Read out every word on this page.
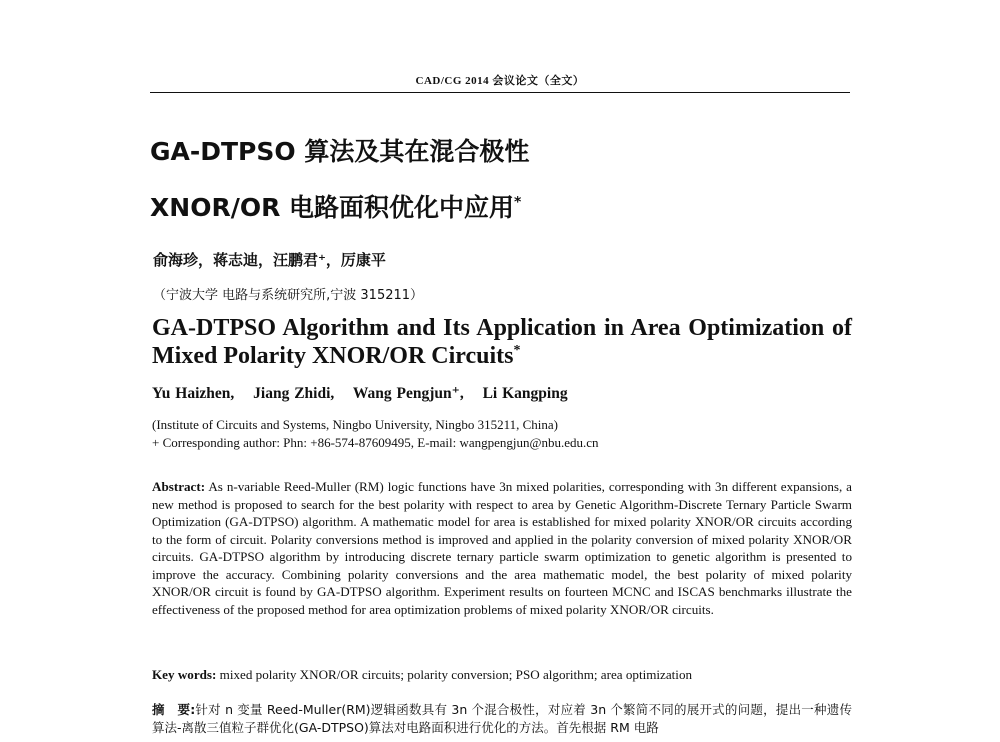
CAD/CG 2014 会议论文（全文）
GA-DTPSO 算法及其在混合极性
XNOR/OR 电路面积优化中应用*
俞海珍，蒋志迪，汪鹏君⁺，厉康平
（宁波大学 电路与系统研究所,宁波 315211）
GA-DTPSO Algorithm and Its Application in Area Optimization of
Mixed Polarity XNOR/OR Circuits*
Yu Haizhen, Jiang Zhidi, Wang Pengjun⁺, Li Kangping
(Institute of Circuits and Systems, Ningbo University, Ningbo 315211, China)
+ Corresponding author: Phn: +86-574-87609495, E-mail: wangpengjun@nbu.edu.cn
Abstract: As n-variable Reed-Muller (RM) logic functions have 3n mixed polarities, corresponding with 3n different expansions, a new method is proposed to search for the best polarity with respect to area by Genetic Algorithm-Discrete Ternary Particle Swarm Optimization (GA-DTPSO) algorithm. A mathematic model for area is established for mixed polarity XNOR/OR circuits according to the form of circuit. Polarity conversions method is improved and applied in the polarity conversion of mixed polarity XNOR/OR circuits. GA-DTPSO algorithm by introducing discrete ternary particle swarm optimization to genetic algorithm is presented to improve the accuracy. Combining polarity conversions and the area mathematic model, the best polarity of mixed polarity XNOR/OR circuit is found by GA-DTPSO algorithm. Experiment results on fourteen MCNC and ISCAS benchmarks illustrate the effectiveness of the proposed method for area optimization problems of mixed polarity XNOR/OR circuits.
Key words: mixed polarity XNOR/OR circuits; polarity conversion; PSO algorithm; area optimization
摘　要:针对 n 变量 Reed-Muller(RM)逻辑函数具有 3n 个混合极性，对应着 3n 个繁简不同的展开式的问题，提出一种遗传算法-离散三值粒子群优化(GA-DTPSO)算法对电路面积进行优化的方法。首先根据 RM 电路
